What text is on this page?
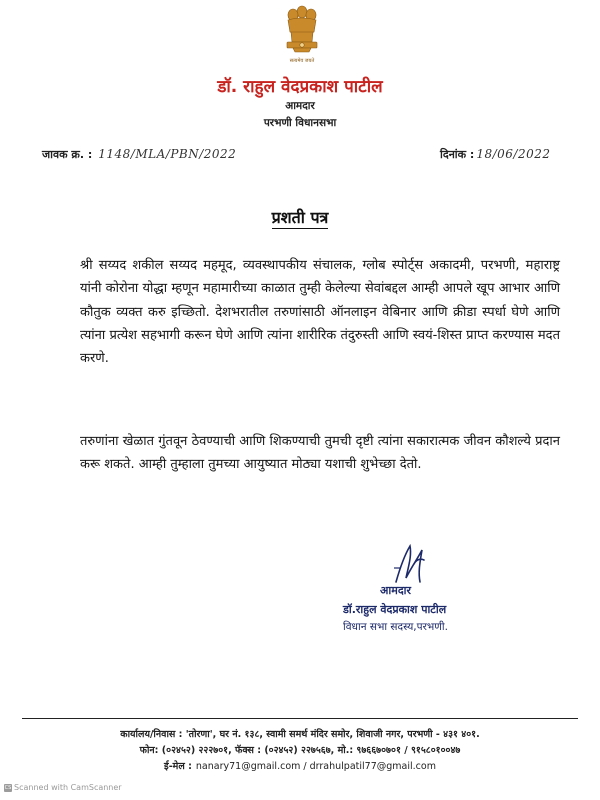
सत्यमेव जयते
डॉ. राहुल वेदप्रकाश पाटील
आमदार
परभणी विधानसभा
जावक क्र. : 1148/MLA/PBN/2022	दिनांक : 18/06/2022
प्रशती पत्र
श्री सय्यद शकील सय्यद महमूद, व्यवस्थापकीय संचालक, ग्लोब स्पोर्ट्स अकादमी, परभणी, महाराष्ट्र यांनी कोरोना योद्धा म्हणून महामारीच्या काळात तुम्ही केलेल्या सेवांबद्दल आम्ही आपले खूप आभार आणि कौतुक व्यक्त करु इच्छितो. देशभरातील तरुणांसाठी ऑनलाइन वेबिनार आणि क्रीडा स्पर्धा घेणे आणि त्यांना प्रत्येश सहभागी करून घेणे आणि त्यांना शारीरिक तंदुरुस्ती आणि स्वयं-शिस्त प्राप्त करण्यास मदत करणे.
तरुणांना खेळात गुंतवून ठेवण्याची आणि शिकण्याची तुमची दृष्टी त्यांना सकारात्मक जीवन कौशल्ये प्रदान करू शकते. आम्ही तुम्हाला तुमच्या आयुष्यात मोठ्या यशाची शुभेच्छा देतो.
आमदार
डॉ.राहुल वेदप्रकाश पाटील
विधान सभा सदस्य,परभणी.
कार्यालय/निवास : 'तोरणा', घर नं. १३८, स्वामी समर्थ मंदिर समोर, शिवाजी नगर, परभणी - ४३१ ४०१.
फोन: (०२४५२) २२२७०१, फॅक्स : (०२४५२) २२७५६७, मो.: ९७६६७०७०१ / ९१५८०१००४७
ई-मेल : nanary71@gmail.com / drrahulpatil77@gmail.com
CS Scanned with CamScanner
